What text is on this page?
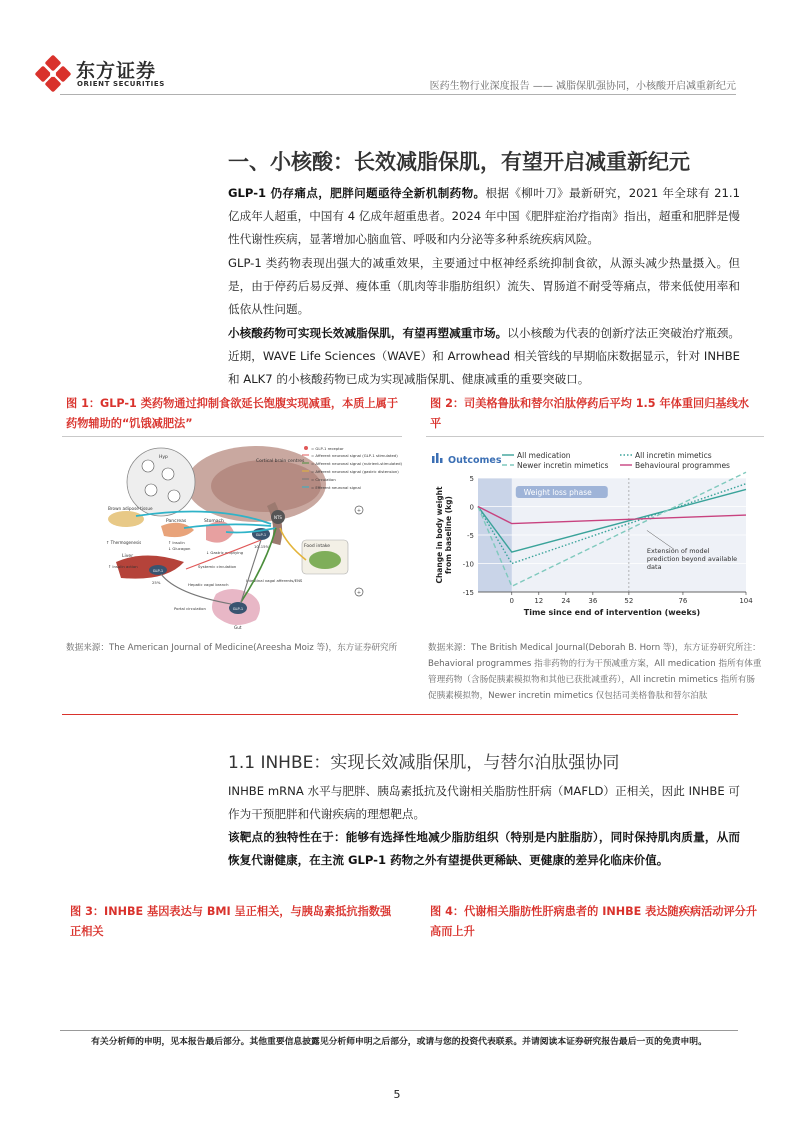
东方证券
ORIENT SECURITIES	医药生物行业深度报告 —— 减脂保肌强协同，小核酸开启减重新纪元
一、小核酸：长效减脂保肌，有望开启减重新纪元
GLP-1 仍存痛点，肥胖问题亟待全新机制药物。根据《柳叶刀》最新研究，2021 年全球有 21.1 亿成年人超重，中国有 4 亿成年超重患者。2024 年中国《肥胖症治疗指南》指出，超重和肥胖是慢性代谢性疾病，显著增加心脑血管、呼吸和内分泌等多种系统疾病风险。
GLP-1 类药物表现出强大的减重效果，主要通过中枢神经系统抑制食欲，从源头减少热量摄入。但是，由于停药后易反弹、瘦体重（肌肉等非脂肪组织）流失、胃肠道不耐受等痛点，带来低使用率和低依从性问题。
小核酸药物可实现长效减脂保肌，有望再塑减重市场。以小核酸为代表的创新疗法正突破治疗瓶颈。近期，WAVE Life Sciences（WAVE）和 Arrowhead 相关管线的早期临床数据显示，针对 INHBE 和 ALK7 的小核酸药物已成为实现减脂保肌、健康减重的重要突破口。
图 1：GLP-1 类药物通过抑制食欲延长饱腹实现减重，本质上属于药物辅助的“饥饿减肥法”
NTS
Cortical brain centres
Hyp
Brown adipose tissue
↑ Thermogenesis
Pancreas
↑ Insulin
↓ Glucagon
Stomach
↓ Gastric emptying
Liver
↑ Insulin action
GLP-1
25%
GLP-1
10–15%
Systemic circulation
Hepatic vagal branch
Intestinal vagal afferents/ENS
Portal circulation
Food intake
GLP-1
Gut
= GLP-1 receptor
= Afferent neuronal signal (GLP-1 stimulated)
= Afferent neuronal signal (nutrient-stimulated)
= Afferent neuronal signal (gastric distension)
= Circulation
= Efferent neuronal signal
+
+
数据来源：The American Journal of Medicine(Areesha Moiz 等)，东方证券研究所
图 2：司美格鲁肽和替尔泊肽停药后平均 1.5 年体重回归基线水平
Outcomes All medication	All incretin mimetics
Newer incretin mimetics	Behavioural programmes
Weight loss phase
5
0
-5
-10
-15
0	12	24	36	52	76	104
Extension of model
prediction beyond available
data
Time since end of intervention (weeks)
Change in body weightfrom baseline (kg)
数据来源：The British Medical Journal(Deborah B. Horn 等)，东方证券研究所注：Behavioral programmes 指非药物的行为干预减重方案，All medication 指所有体重管理药物（含肠促胰素模拟物和其他已获批减重药），All incretin mimetics 指所有肠促胰素模拟物，Newer incretin mimetics 仅包括司美格鲁肽和替尔泊肽
1.1 INHBE：实现长效减脂保肌，与替尔泊肽强协同
INHBE mRNA 水平与肥胖、胰岛素抵抗及代谢相关脂肪性肝病（MAFLD）正相关，因此 INHBE 可作为干预肥胖和代谢疾病的理想靶点。
该靶点的独特性在于：能够有选择性地减少脂肪组织（特别是内脏脂肪），同时保持肌肉质量，从而恢复代谢健康，在主流 GLP-1 药物之外有望提供更稀缺、更健康的差异化临床价值。
图 3：INHBE 基因表达与 BMI 呈正相关，与胰岛素抵抗指数强正相关
图 4：代谢相关脂肪性肝病患者的 INHBE 表达随疾病活动评分升高而上升
有关分析师的申明，见本报告最后部分。其他重要信息披露见分析师申明之后部分，或请与您的投资代表联系。并请阅读本证券研究报告最后一页的免责申明。
5
